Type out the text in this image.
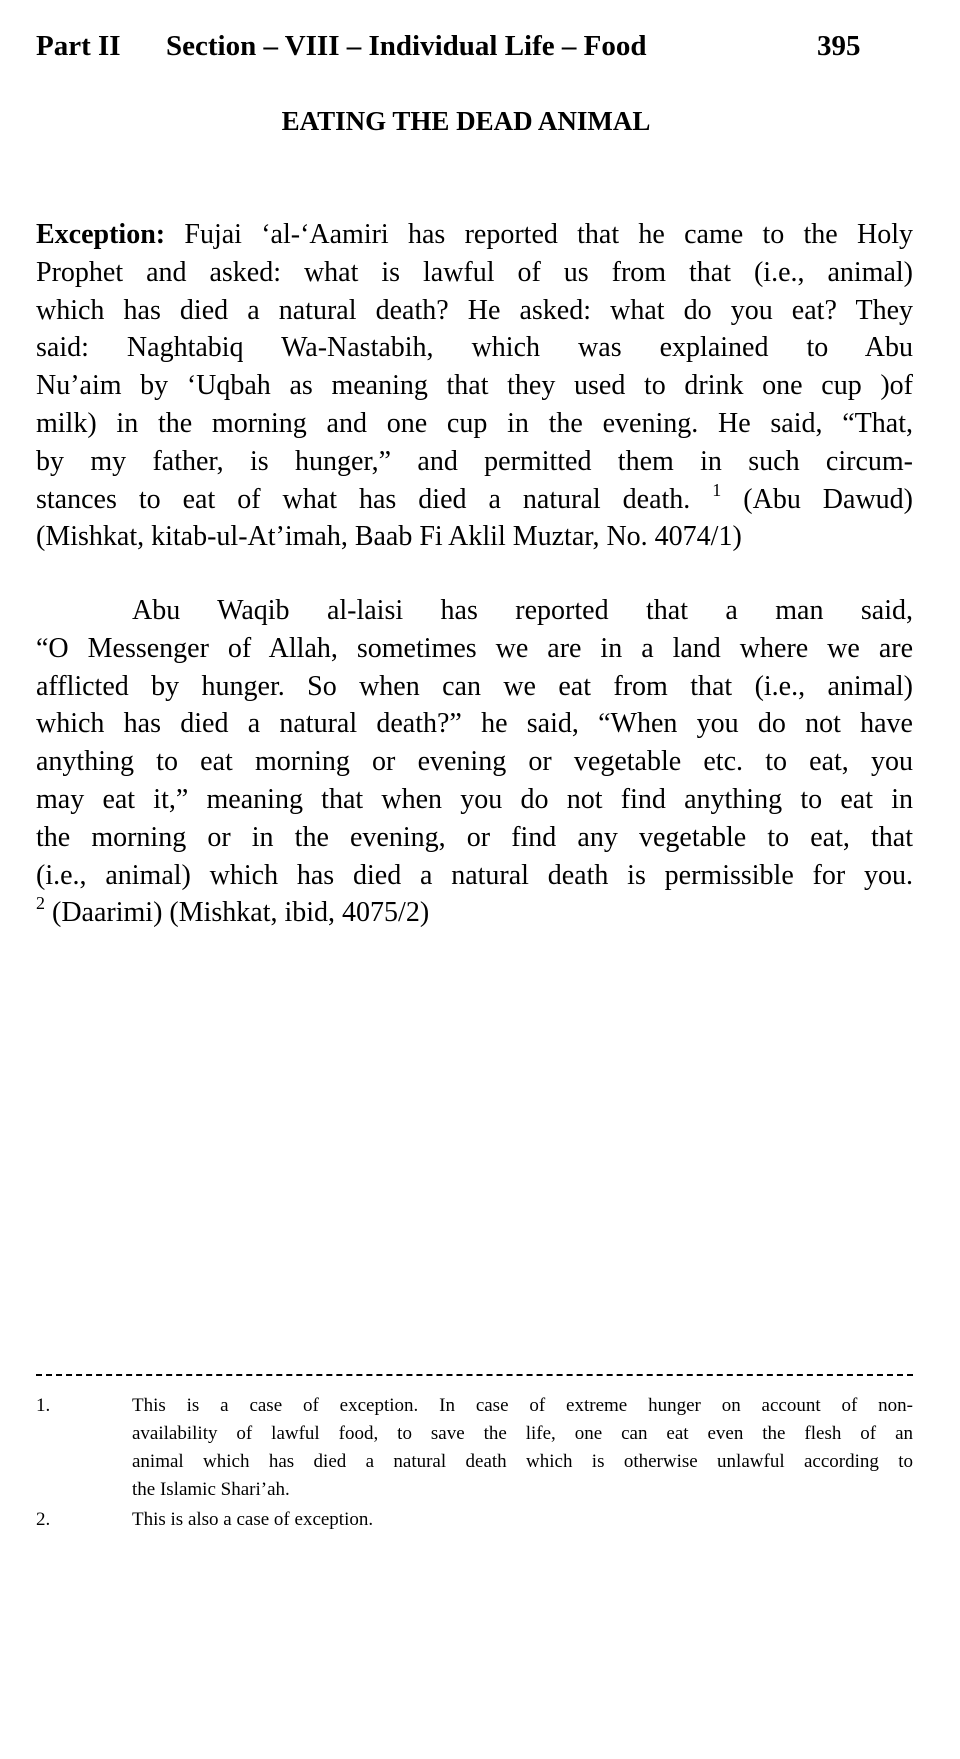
Part II Section – VIII – Individual Life – Food	395
EATING THE DEAD ANIMAL
Exception: Fujai ‘al-‘Aamiri has reported that he came to the Holy
Prophet and asked: what is lawful of us from that (i.e., animal)
which has died a natural death? He asked: what do you eat? They
said: Naghtabiq Wa-Nastabih, which was explained to Abu
Nu’aim by ‘Uqbah as meaning that they used to drink one cup )of
milk) in the morning and one cup in the evening. He said, “That,
by my father, is hunger,” and permitted them in such circum-
stances to eat of what has died a natural death. $^1$ (Abu Dawud)
(Mishkat, kitab-ul-At’imah, Baab Fi Aklil Muztar, No. 4074/1)
Abu Waqib al-laisi has reported that a man said,
“O Messenger of Allah, sometimes we are in a land where we are
afflicted by hunger. So when can we eat from that (i.e., animal)
which has died a natural death?” he said, “When you do not have
anything to eat morning or evening or vegetable etc. to eat, you
may eat it,” meaning that when you do not find anything to eat in
the morning or in the evening, or find any vegetable to eat, that
(i.e., animal) which has died a natural death is permissible for you.
$^2$ (Daarimi) (Mishkat, ibid, 4075/2)
1.	This is a case of exception. In case of extreme hunger on account of non-
availability of lawful food, to save the life, one can eat even the flesh of an
animal which has died a natural death which is otherwise unlawful according to
the Islamic Shari’ah.
2.	This is also a case of exception.
